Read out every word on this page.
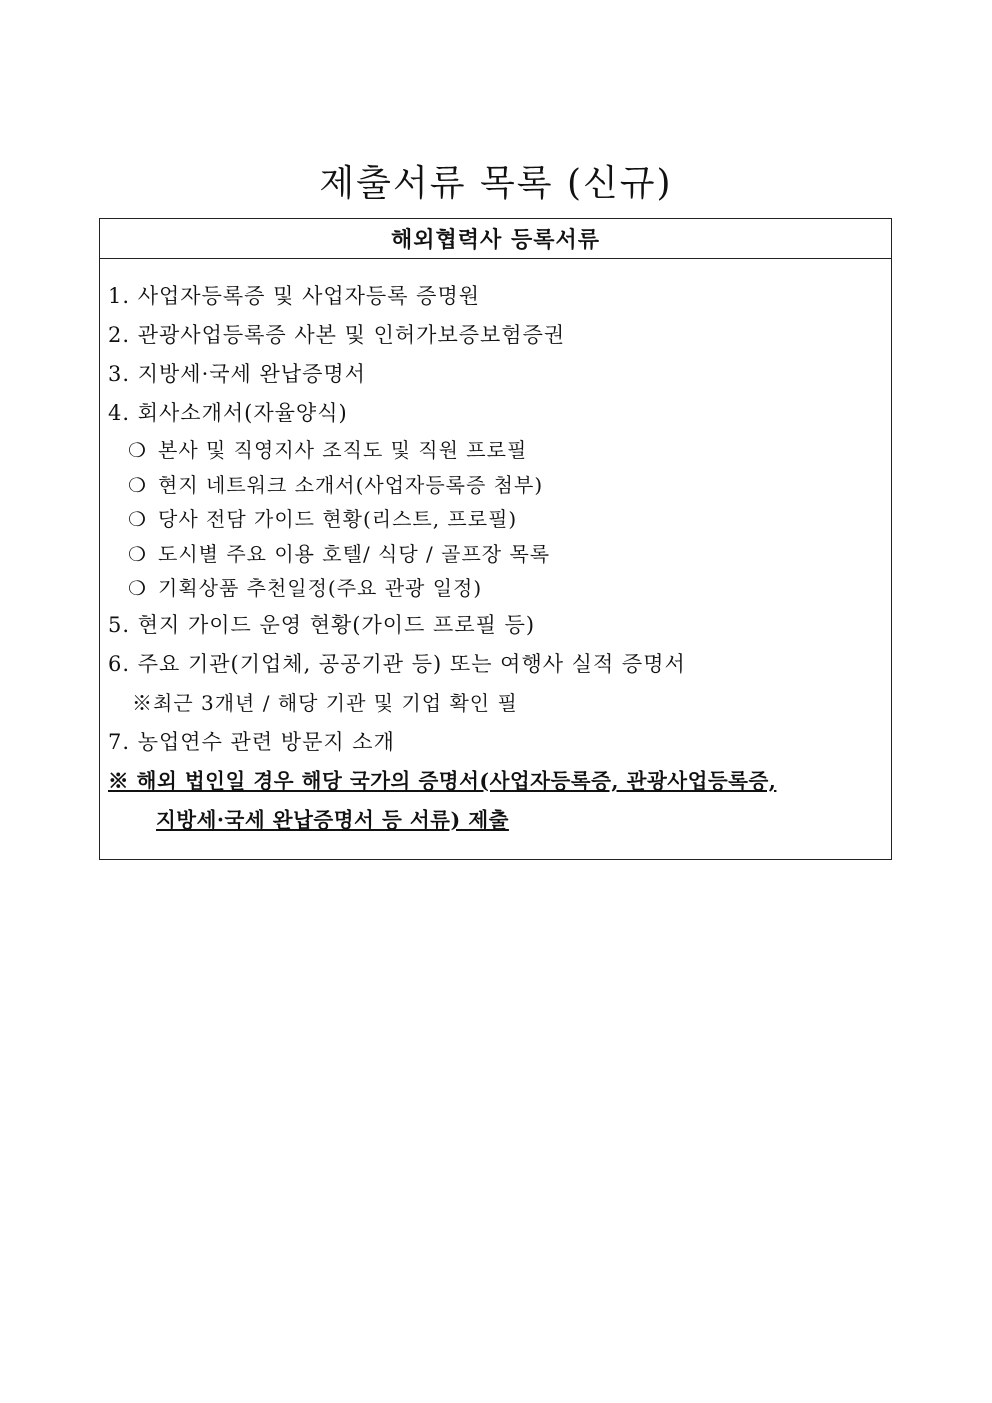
제출서류 목록 (신규)
해외협력사 등록서류
1. 사업자등록증 및 사업자등록 증명원
2. 관광사업등록증 사본 및 인허가보증보험증권
3. 지방세·국세 완납증명서
4. 회사소개서(자율양식)
❍ 본사 및 직영지사 조직도 및 직원 프로필
❍ 현지 네트워크 소개서(사업자등록증 첨부)
❍ 당사 전담 가이드 현황(리스트, 프로필)
❍ 도시별 주요 이용 호텔/ 식당 / 골프장 목록
❍ 기획상품 추천일정(주요 관광 일정)
5. 현지 가이드 운영 현황(가이드 프로필 등)
6. 주요 기관(기업체, 공공기관 등) 또는 여행사 실적 증명서
※최근 3개년 / 해당 기관 및 기업 확인 필
7. 농업연수 관련 방문지 소개
※ 해외 법인일 경우 해당 국가의 증명서(사업자등록증, 관광사업등록증,
지방세·국세 완납증명서 등 서류) 제출
